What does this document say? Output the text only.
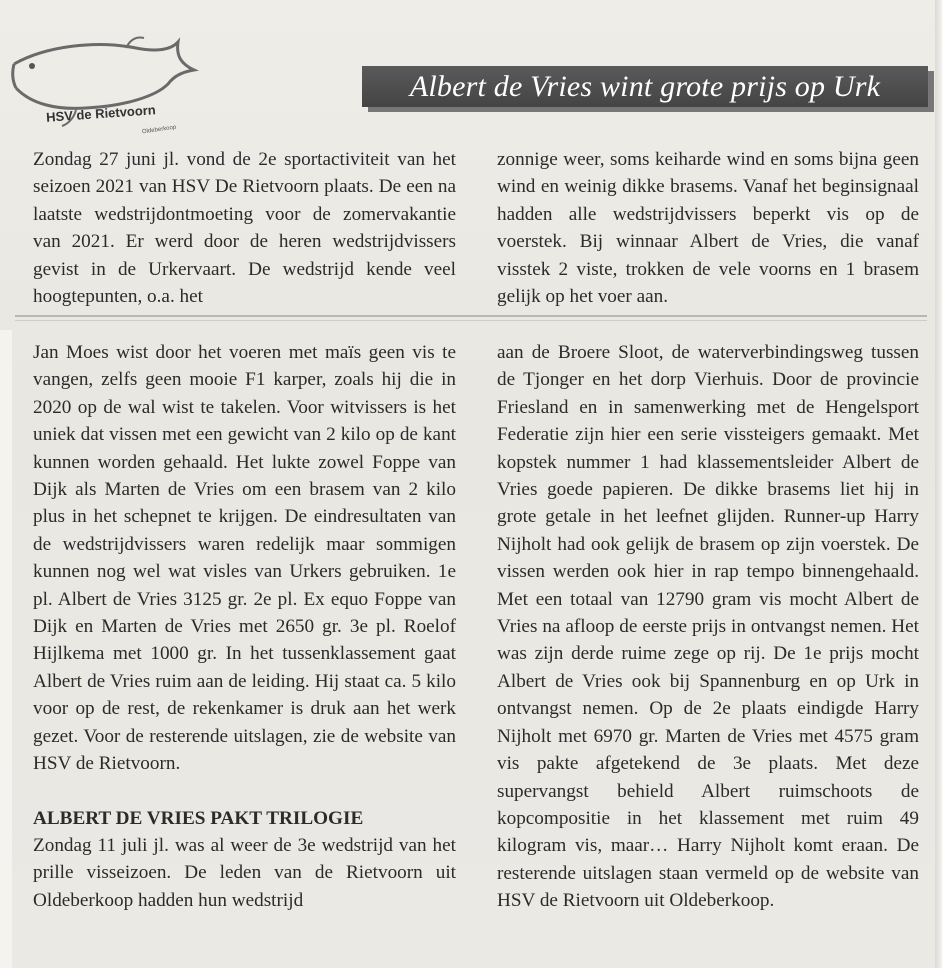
HSV de Rietvoorn
Oldeberkoop
Albert de Vries wint grote prijs op Urk

Zondag 27 juni jl. vond de 2e sportactiviteit van het seizoen 2021 van HSV De Rietvoorn plaats. De een na laatste wedstrijdontmoeting voor de zomervakantie van 2021. Er werd door de heren wedstrijdvissers gevist in de Urkervaart. De wedstrijd kende veel hoogtepunten, o.a. het

zonnige weer, soms keiharde wind en soms bijna geen wind en weinig dikke brasems. Vanaf het beginsignaal hadden alle wedstrijdvissers beperkt vis op de voerstek. Bij winnaar Albert de Vries, die vanaf visstek 2 viste, trokken de vele voorns en 1 brasem gelijk op het voer aan.

Jan Moes wist door het voeren met maïs geen vis te vangen, zelfs geen mooie F1 karper, zoals hij die in 2020 op de wal wist te takelen. Voor witvissers is het uniek dat vissen met een gewicht van 2 kilo op de kant kunnen worden gehaald. Het lukte zowel Foppe van Dijk als Marten de Vries om een brasem van 2 kilo plus in het schepnet te krijgen. De eindresultaten van de wedstrijdvissers waren redelijk maar sommigen kunnen nog wel wat visles van Urkers gebruiken. 1e pl. Albert de Vries 3125 gr. 2e pl. Ex equo Foppe van Dijk en Marten de Vries met 2650 gr. 3e pl. Roelof Hijlkema met 1000 gr. In het tussenklassement gaat Albert de Vries ruim aan de leiding. Hij staat ca. 5 kilo voor op de rest, de rekenkamer is druk aan het werk gezet. Voor de resterende uitslagen, zie de website van HSV de Rietvoorn.

ALBERT DE VRIES PAKT TRILOGIE

Zondag 11 juli jl. was al weer de 3e wedstrijd van het prille visseizoen. De leden van de Rietvoorn uit Oldeberkoop hadden hun wedstrijd

aan de Broere Sloot, de waterverbindingsweg tussen de Tjonger en het dorp Vierhuis. Door de provincie Friesland en in samenwerking met de Hengelsport Federatie zijn hier een serie vissteigers gemaakt. Met kopstek nummer 1 had klassementsleider Albert de Vries goede papieren. De dikke brasems liet hij in grote getale in het leefnet glijden. Runner-up Harry Nijholt had ook gelijk de brasem op zijn voerstek. De vissen werden ook hier in rap tempo binnengehaald. Met een totaal van 12790 gram vis mocht Albert de Vries na afloop de eerste prijs in ontvangst nemen. Het was zijn derde ruime zege op rij. De 1e prijs mocht Albert de Vries ook bij Spannenburg en op Urk in ontvangst nemen. Op de 2e plaats eindigde Harry Nijholt met 6970 gr. Marten de Vries met 4575 gram vis pakte afgetekend de 3e plaats. Met deze supervangst behield Albert ruimschoots de kopcompositie in het klassement met ruim 49 kilogram vis, maar… Harry Nijholt komt eraan. De resterende uitslagen staan vermeld op de website van HSV de Rietvoorn uit Oldeberkoop.
